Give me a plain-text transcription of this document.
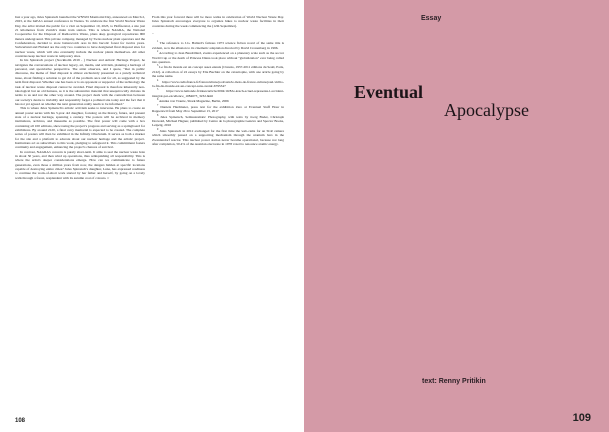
Just a year ago, Jules Spinatsch launched the WNWD Monitorial Day, announced on March 2, 2023, at the IAEA's annual conference in Vienna. To celebrate the first World Nuclear Waste Day, the artist invited the public for a visit on September 10, 2023, to Hoffnerstal, a site just 21 kilometres from Zurich's main train station. This is where NAGRA, the National Cooperative for the Disposal of Radioactive Waste, plans deep geological repositories 900 meters underground. This private company, managed by Swiss nuclear plant operators and the Confederation, decided to store butterscotch ores in this bucolic forest for twelve years. Switzerland and Finland are the only two countries to have designated final disposal sites for nuclear waste, which will also eventually include the nuclear plants themselves. All other countries keep nuclear waste in temporary sites.

In his Spinatsch project (Stockholm 2019 - ) Nuclear and Artistic Heritage Project, he navigates the conversations of nuclear legacy, art, media, and activism, planning a heritage of personal, and speculative perspective. The artist observes, and I quote, "that in public discourse, the theme of final disposal is almost exclusively presented as a purely technical issue, about finding a solution to get rid of the problem once and for all, as suggested by the term final disposal. Whether one has been or is an opponent or supporter of the technology the task of nuclear waste disposal cannot be avoided. Final disposal is therefore inherently non-ideological but an old harness, as it is the substantive material that unequivocally dictates its terms to us and not the other way around. The project deals with the contradiction between our society's desire to invisibly and responsibly forget a polluted site today and the fact that it has not yet agreed on whether the next generation really needs to be informed."

This is where Jules Spinatsch's artistic activism seeks to intervene. He plans to create an annual poster series with his 3-year old daughter, focusing on the history, future, and present state of a nuclear heritage, spanning a century. The posters will be archived in memory institutions, archives, and museums as possible. The first poster will come with a box containing all 100 editions, showcasing the project's progress and serving as a springboard for exhibitions. By around 2120, a final carry memorial is expected to be created. The complete series of posters will then be exhibited in the Infinity Obscletum. It serves as both a marker for the site and a platform to educate about our nuclear heritage and the artistic project. Institutions act as subscribers to this work, pledging to safeguard it. This commitment fosters continuity and engagement, enhancing the project's chances of survival.

In contrast, NAGRA's concern is purely short-term. It aims to seal the nuclear waste hole in about 50 years, and then wind up operations, thus relinquishing all responsibility. This is where the artist's deeper considerations emerge. How can we communicate to future generations, even those a million years from now, the dangers hidden at specific locations capable of destroying entire cities? Jules Spinatsch's daughter, Luna, has expressed readiness to continue the work-of-short work started by her father and herself, by going on a lovely walk through a forest, resplendent with its autumn coat of colours. //

From this year forward there will be more walks in celebration of World Nuclear Waste Day. Jules Spinatsch encourages everyone to organize hikes to nuclear waste facilities in their countries during the week commencing the (12th September).

–

$^1$ The reference to J.G. Ballard's famous 1973 science fiction novel of the same title is evident, as is the allusion to its cinematic adaptation directed by David Cronenberg in 1996.

$^2$ According to Jean Baudrillard, events experienced on a planetary scale such as the soccer World Cup or the death of Princess Diana took place without "globalization" ever being called into question.

$^3$ Le fin du monde est un concept assez ennuis (Clarens, 1957-2011 éditions du Seuil, Paris, 2122). A collection of 22 essays by Elie Buchler on the catastrophe, with one article going by the same name.

$^4$ https://www.radiofrance.fr/franceculture/podcasts/le-mois-de-france-culture/paul-virilio-la-fin-du-monde-est-un-concept-sans-avenir-6795347

$^5$ https://www.lemonde.fr/idees/article/2004/10/8/le-krach-actuel-represente-l-accident-integral-par-excellence_1084673_3232.html

$^6$ Annika von Trautte, Shark Magazine, Berlin, 2006

$^7$ Daniela Hardmeier, press text for the exhibition Zero at Eventual Stuff Hour in Rapperswil from May 26 to September 15, 2017

$^8$ Jules Spinatsch, Semiautomatic Photography, with texts by Joerg Bader, Christoph Doswald, Michael Hagner, published by Centre de la photographie Genève and Spector Books, Leipzig, 2016

$^9$ Jules Spinatsch in 2012 exchanged for the first time the web-cams for an SLR camera which smoothly passed on a supporting mechanism through the uranium bars in the Zwentendorf reactor. This nuclear power station never became operational, because not long after completion, 50.4% of the Austrian electorate in 1978 voted to renounce atomic energy.

108
Essay
Eventual
Apocalypse
text: Renny Pritikin
109
